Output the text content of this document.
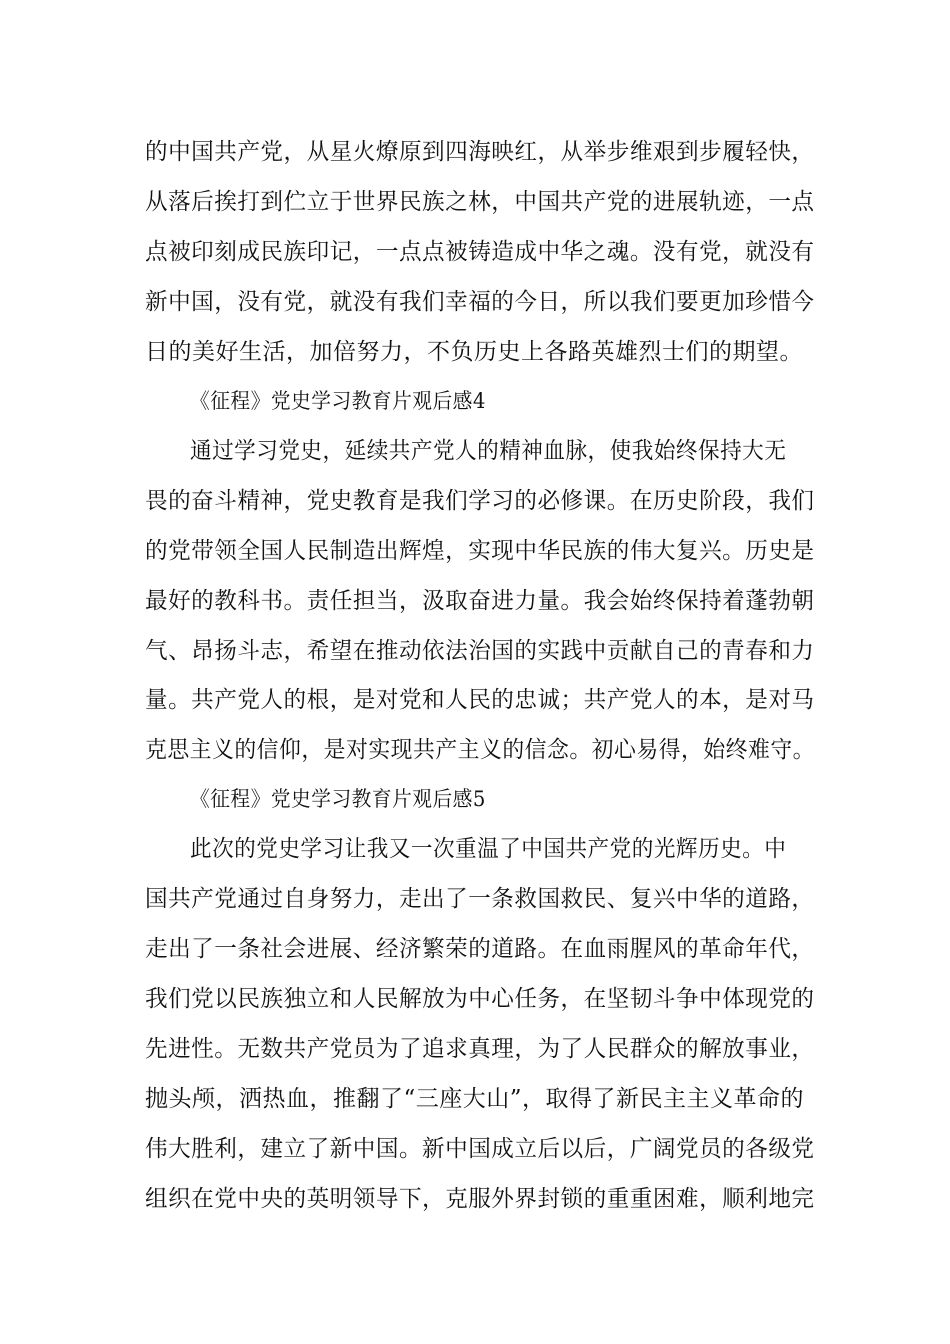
的中国共产党，从星火燎原到四海映红，从举步维艰到步履轻快，
从落后挨打到伫立于世界民族之林，中国共产党的进展轨迹，一点
点被印刻成民族印记，一点点被铸造成中华之魂。没有党，就没有
新中国，没有党，就没有我们幸福的今日，所以我们要更加珍惜今
日的美好生活，加倍努力，不负历史上各路英雄烈士们的期望。
《征程》党史学习教育片观后感4
通过学习党史，延续共产党人的精神血脉，使我始终保持大无
畏的奋斗精神，党史教育是我们学习的必修课。在历史阶段，我们
的党带领全国人民制造出辉煌，实现中华民族的伟大复兴。历史是
最好的教科书。责任担当，汲取奋进力量。我会始终保持着蓬勃朝
气、昂扬斗志，希望在推动依法治国的实践中贡献自己的青春和力
量。共产党人的根，是对党和人民的忠诚；共产党人的本，是对马
克思主义的信仰，是对实现共产主义的信念。初心易得，始终难守。
《征程》党史学习教育片观后感5
此次的党史学习让我又一次重温了中国共产党的光辉历史。中
国共产党通过自身努力，走出了一条救国救民、复兴中华的道路，
走出了一条社会进展、经济繁荣的道路。在血雨腥风的革命年代，
我们党以民族独立和人民解放为中心任务，在坚韧斗争中体现党的
先进性。无数共产党员为了追求真理，为了人民群众的解放事业，
抛头颅，洒热血，推翻了“三座大山”，取得了新民主主义革命的
伟大胜利，建立了新中国。新中国成立后以后，广阔党员的各级党
组织在党中央的英明领导下，克服外界封锁的重重困难，顺利地完
